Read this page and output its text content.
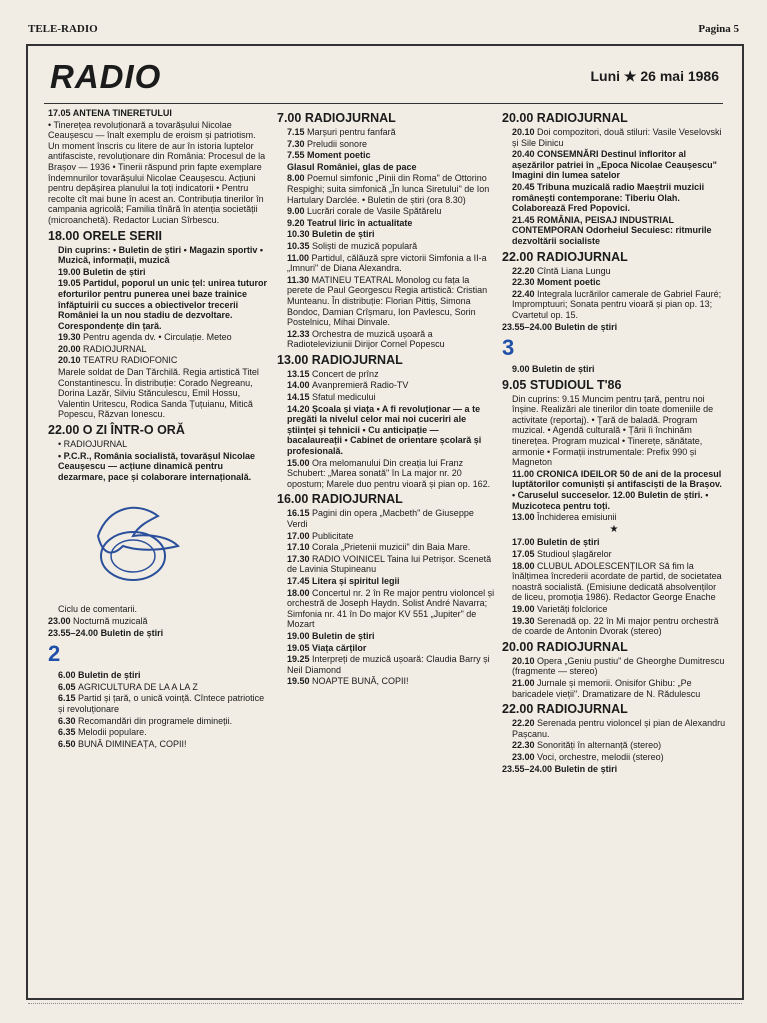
TELE-RADIO	Pagina 5
RADIO	Luni ★ 26 mai 1986
17.05 ANTENA TINERETULUI
• Tinerețea revoluționară a tovarășului Nicolae Ceaușescu — înalt exemplu de eroism și patriotism. Un moment înscris cu litere de aur în istoria luptelor antifasciste, revoluționare din România: Procesul de la Brașov — 1936 • Tinerii răspund prin fapte exemplare îndemnurilor tovarășului Nicolae Ceaușescu. Acțiuni pentru depășirea planului la toți indicatorii • Pentru recolte cît mai bune în acest an. Contribuția tinerilor în campania agricolă; Familia tînără în atenția societății (microanchetă). Redactor Lucian Sîrbescu.
18.00 ORELE SERII
Din cuprins: • Buletin de știri • Magazin sportiv • Muzică, informații, muzică
19.00 Buletin de știri
19.05 Partidul, poporul un unic țel: unirea tuturor eforturilor pentru punerea unei baze trainice înfăptuirii cu succes a obiectivelor trecerii României la un nou stadiu de dezvoltare. Corespondențe din țară.
19.30 Pentru agenda dv. • Circulație. Meteo
20.00 RADIOJURNAL
20.10 TEATRU RADIOFONIC
Marele soldat de Dan Tărchilă. Regia artistică Titel Constantinescu. În distribuție: Corado Negreanu, Dorina Lazăr, Silviu Stănculescu, Emil Hossu, Valentin Uritescu, Rodica Sanda Țuțuianu, Mitică Popescu, Răzvan Ionescu.
22.00 O ZI ÎNTR-O ORĂ
• RADIOJURNAL
• P.C.R., România socialistă, tovarășul Nicolae Ceaușescu — acțiune dinamică pentru dezarmare, pace și colaborare internațională.
Ciclu de comentarii.
23.00 Nocturnă muzicală
23.55–24.00 Buletin de știri
2
6.00 Buletin de știri
6.05 AGRICULTURA DE LA A LA Z
6.15 Partid și țară, o unică voință. Cîntece patriotice și revoluționare
6.30 Recomandări din programele dimineții.
6.35 Melodii populare.
6.50 BUNĂ DIMINEAȚA, COPII!
7.00 RADIOJURNAL
7.15 Marșuri pentru fanfară
7.30 Preludii sonore
7.55 Moment poetic
Glasul României, glas de pace
8.00 Poemul simfonic „Pinii din Roma" de Ottorino Respighi; suita simfonică „În lunca Siretului" de Ion Hartulary Darclée. • Buletin de știri (ora 8.30)
9.00 Lucrări corale de Vasile Spătărelu
9.20 Teatrul liric în actualitate
10.30 Buletin de știri
10.35 Soliști de muzică populară
11.00 Partidul, călăuză spre victorii Simfonia a II-a „Imnuri" de Diana Alexandra.
11.30 MATINEU TEATRAL Monolog cu fața la perete de Paul Georgescu Regia artistică: Cristian Munteanu. În distribuție: Florian Pittiș, Simona Bondoc, Damian Crîșmaru, Ion Pavlescu, Sorin Postelnicu, Mihai Dinvale.
12.33 Orchestra de muzică ușoară a Radioteleviziunii Dirijor Cornel Popescu
13.00 RADIOJURNAL
13.15 Concert de prînz
14.00 Avanpremieră Radio-TV
14.15 Sfatul medicului
14.20 Școala și viața • A fi revoluționar — a te pregăti la nivelul celor mai noi cuceriri ale științei și tehnicii • Cu anticipație — bacalaureații • Cabinet de orientare școlară și profesională.
15.00 Ora melomanului Din creația lui Franz Schubert: „Marea sonată" în La major nr. 20 opostum; Marele duo pentru vioară și pian op. 162.
16.00 RADIOJURNAL
16.15 Pagini din opera „Macbeth" de Giuseppe Verdi
17.00 Publicitate
17.10 Corala „Prietenii muzicii" din Baia Mare.
17.30 RADIO VOINICEL Taina lui Petrișor. Scenetă de Lavinia Stupineanu
17.45 Litera și spiritul legii
18.00 Concertul nr. 2 în Re major pentru violoncel și orchestră de Joseph Haydn. Solist André Navarra; Simfonia nr. 41 în Do major KV 551 „Jupiter" de Mozart
19.00 Buletin de știri
19.05 Viața cărților
19.25 Interpreți de muzică ușoară: Claudia Barry și Neil Diamond
19.50 NOAPTE BUNĂ, COPII!
20.00 RADIOJURNAL
20.10 Doi compozitori, două stiluri: Vasile Veselovski și Sile Dinicu
20.40 CONSEMNĂRI Destinul înfloritor al așezărilor patriei în „Epoca Nicolae Ceaușescu" Imagini din lumea satelor
20.45 Tribuna muzicală radio Maeștrii muzicii românești contemporane: Tiberiu Olah. Colaborează Fred Popovici.
21.45 ROMÂNIA, PEISAJ INDUSTRIAL CONTEMPORAN Odorheiul Secuiesc: ritmurile dezvoltării socialiste
22.00 RADIOJURNAL
22.20 Cîntă Liana Lungu
22.30 Moment poetic
22.40 Integrala lucrărilor camerale de Gabriel Fauré; Impromptuuri; Sonata pentru vioară și pian op. 13; Cvartetul op. 15.
23.55–24.00 Buletin de știri
3
9.00 Buletin de știri
9.05 STUDIOUL T'86
Din cuprins: 9.15 Muncim pentru țară, pentru noi înșine. Realizări ale tinerilor din toate domeniile de activitate (reportaj). • Țară de baladă. Program muzical. • Agendă culturală • Țării îi închinăm tinerețea. Program muzical • Tinerețe, sănătate, armonie • Formații instrumentale: Prefix 990 și Magneton
11.00 CRONICA IDEILOR 50 de ani de la procesul luptătorilor comuniști și antifasciști de la Brașov. • Caruselul succeselor. 12.00 Buletin de știri. • Muzicoteca pentru toți.
13.00 Închiderea emisiunii
★
17.00 Buletin de știri
17.05 Studioul șlagărelor
18.00 CLUBUL ADOLESCENȚILOR Să fim la înălțimea încrederii acordate de partid, de societatea noastră socialistă. (Emisiune dedicată absolvenților de liceu, promoția 1986). Redactor George Enache
19.00 Varietăți folclorice
19.30 Serenadă op. 22 în Mi major pentru orchestră de coarde de Antonin Dvorak (stereo)
20.00 RADIOJURNAL
20.10 Opera „Geniu pustiu" de Gheorghe Dumitrescu (fragmente — stereo)
21.00 Jurnale și memorii. Onisifor Ghibu: „Pe baricadele vieții". Dramatizare de N. Rădulescu
22.00 RADIOJURNAL
22.20 Serenada pentru violoncel și pian de Alexandru Pașcanu.
22.30 Sonorități în alternanță (stereo)
23.00 Voci, orchestre, melodii (stereo)
23.55–24.00 Buletin de știri
